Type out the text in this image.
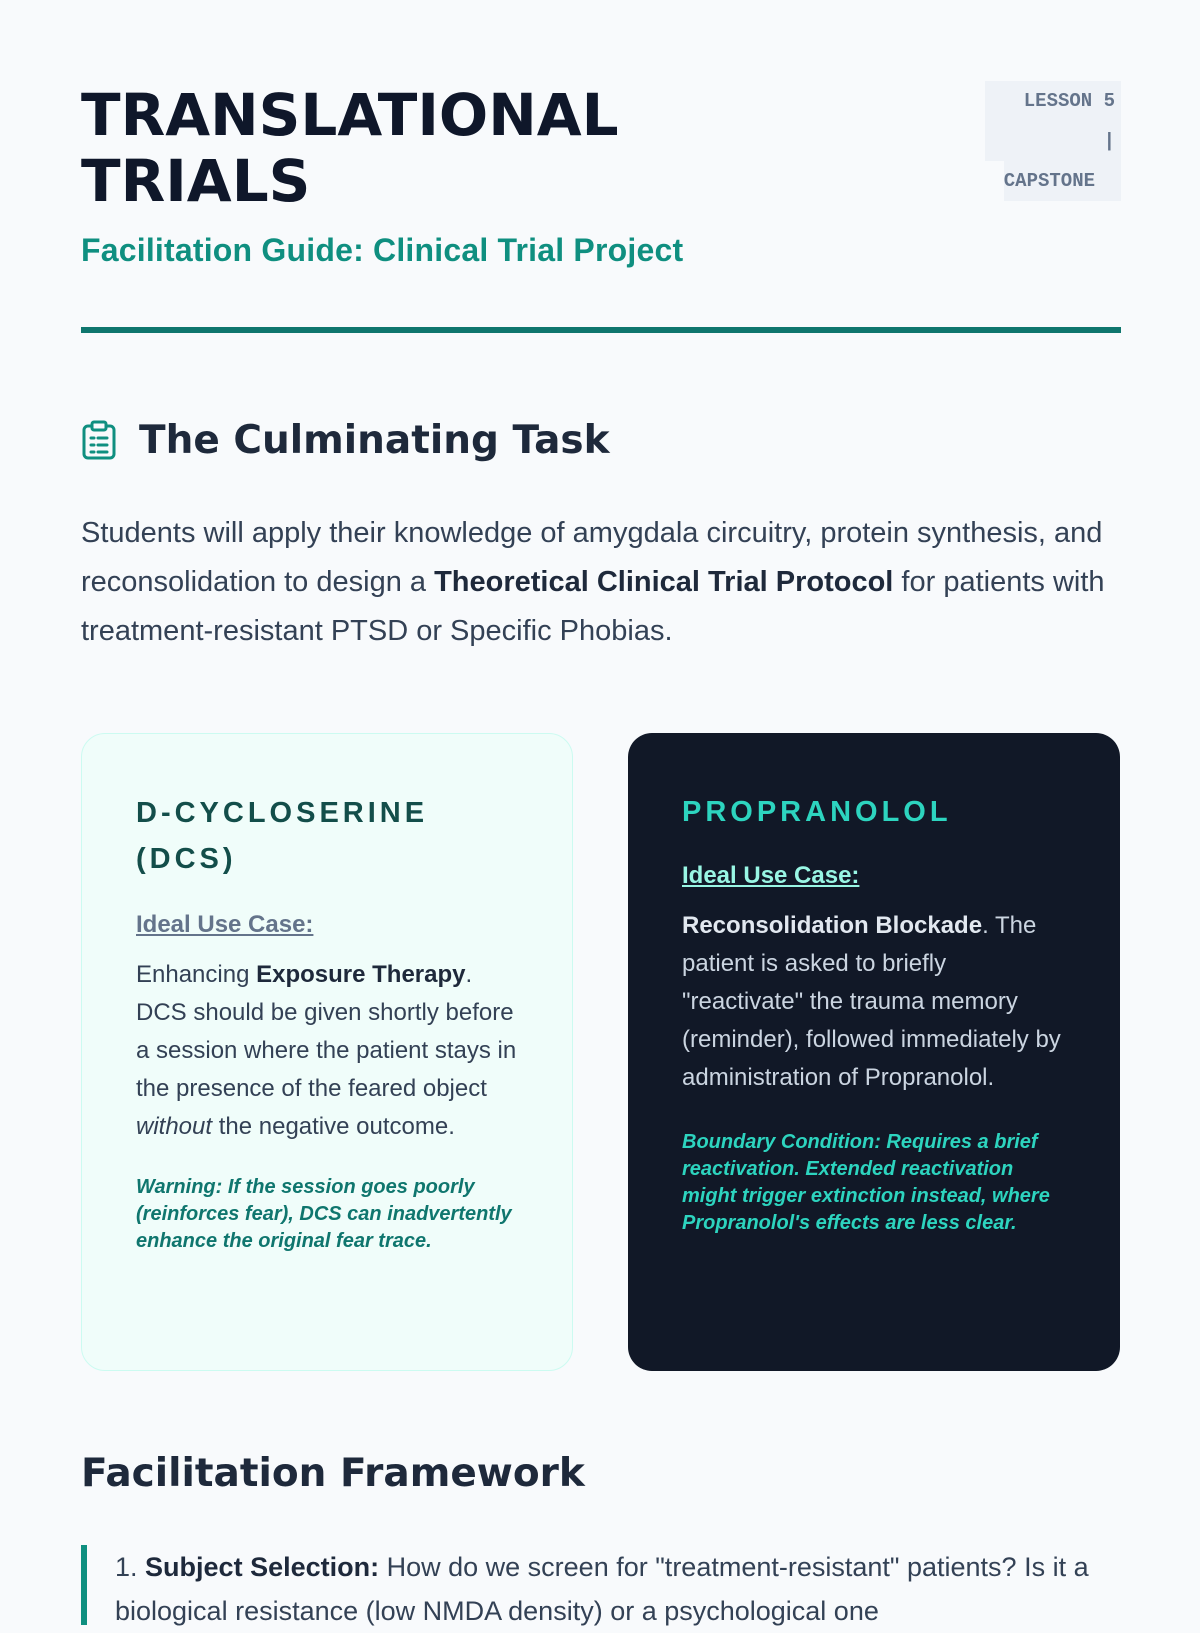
TRANSLATIONAL
TRIALS
LESSON 5 |
CAPSTONE
Facilitation Guide: Clinical Trial Project
The Culminating Task

Students will apply their knowledge of amygdala circuitry, protein synthesis, and reconsolidation to design a Theoretical Clinical Trial Protocol for patients with treatment-resistant PTSD or Specific Phobias.

D-CYCLOSERINE (DCS)
Ideal Use Case:

Enhancing Exposure Therapy. DCS should be given shortly before a session where the patient stays in the presence of the feared object without the negative outcome.

Warning: If the session goes poorly (reinforces fear), DCS can inadvertently enhance the original fear trace.

PROPRANOLOL
Ideal Use Case:

Reconsolidation Blockade. The patient is asked to briefly "reactivate" the trauma memory (reminder), followed immediately by administration of Propranolol.

Boundary Condition: Requires a brief reactivation. Extended reactivation might trigger extinction instead, where Propranolol's effects are less clear.

Facilitation Framework
1. Subject Selection: How do we screen for "treatment-resistant" patients? Is it a biological resistance (low NMDA density) or a psychological one
